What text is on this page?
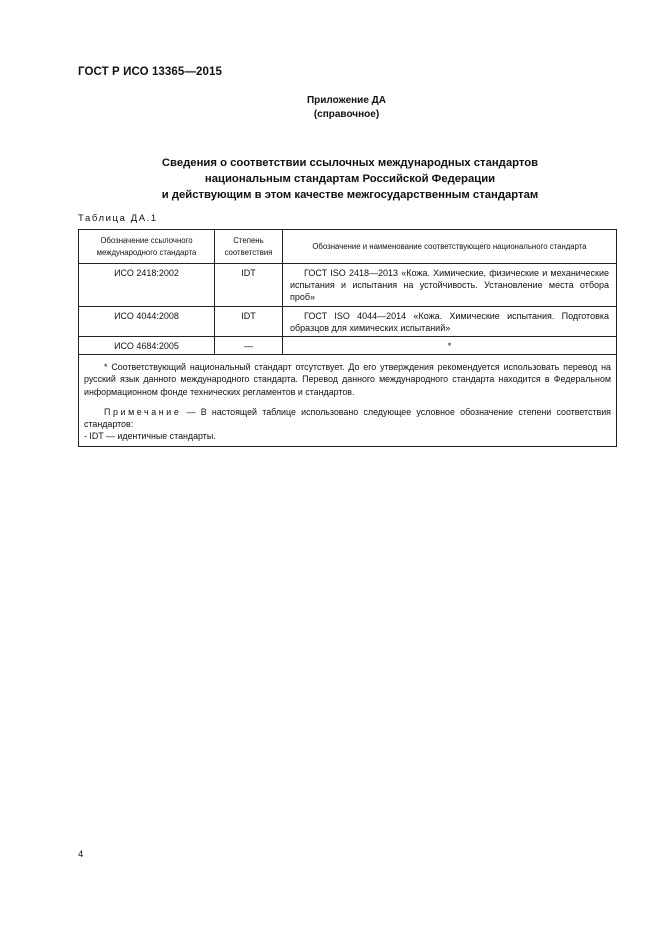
ГОСТ Р ИСО 13365—2015
Приложение ДА
(справочное)
Сведения о соответствии ссылочных международных стандартов
национальным стандартам Российской Федерации
и действующим в этом качестве межгосударственным стандартам
Таблица ДА.1
Обозначение ссылочного международного стандарта	Степень соответствия	Обозначение и наименование соответствующего национального стандарта
ИСО 2418:2002	IDT	ГОСТ ISO 2418—2013 «Кожа. Химические, физические и механические испытания и испытания на устойчивость. Установление места отбора проб»
ИСО 4044:2008	IDT	ГОСТ ISO 4044—2014 «Кожа. Химические испытания. Подготовка образцов для химических испытаний»
ИСО 4684:2005	—	*

* Соответствующий национальный стандарт отсутствует. До его утверждения рекомендуется использовать перевод на русский язык данного международного стандарта. Перевод данного международного стандарта находится в Федеральном информационном фонде технических регламентов и стандартов.

Примечание — В настоящей таблице использовано следующее условное обозначение степени соответствия стандартов:

- IDT — идентичные стандарты.		
4
